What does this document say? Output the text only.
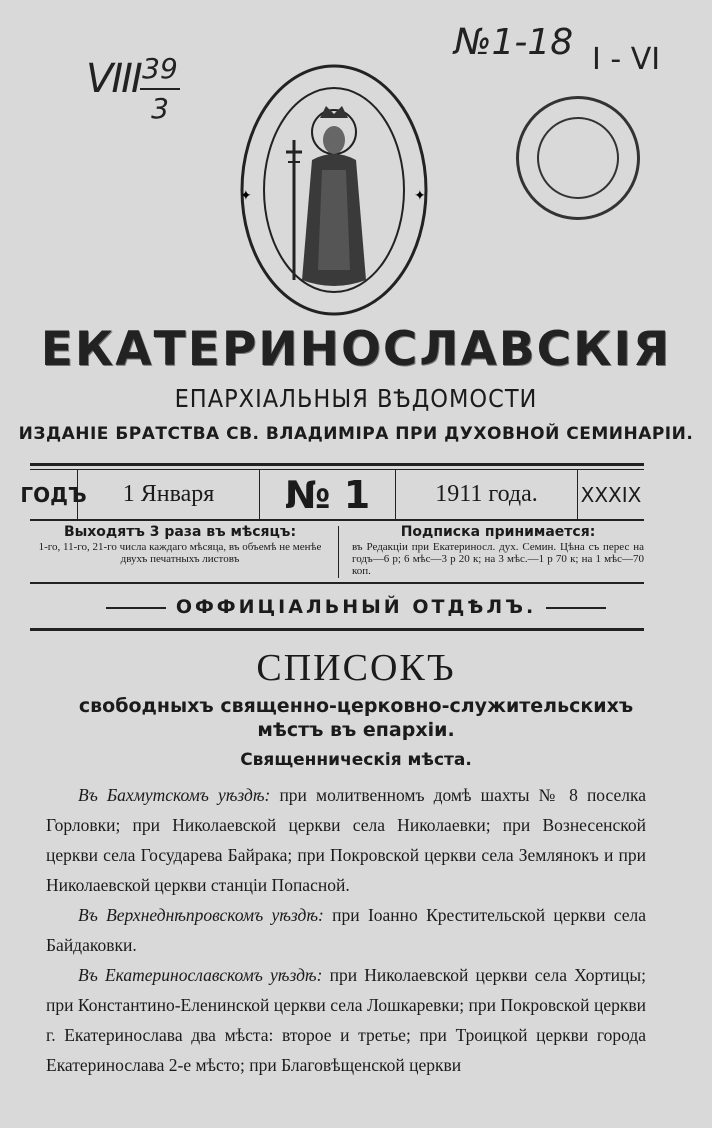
VIII 39
3
№1-18 I - VI
✦	✦
ЕКАТЕРИНОСЛАВСКІЯ
ЕПАРХІАЛЬНЫЯ ВѢДОМОСТИ
ИЗДАНІЕ БРАТСТВА СВ. ВЛАДИМІРА ПРИ ДУХОВНОЙ СЕМИНАРІИ.
ГОДЪ	1 Января	№ 1	1911 года.	XXXIX
Выходятъ 3 раза въ мѣсяцъ:
1-го, 11-го, 21-го числа каждаго мѣсяца, въ объемѣ не менѣе двухъ печатныхъ листовъ
Подписка принимается:
въ Редакціи при Екатериносл. дух. Семин. Цѣна съ перес на годъ—6 р; 6 мѣс—3 р 20 к; на 3 мѣс.—1 р 70 к; на 1 мѣс—70 коп.
ОФФИЦІАЛЬНЫЙ ОТДѢЛЪ.
СПИСОКЪ
свободныхъ священно-церковно-служительскихъ
мѣстъ въ епархіи.
Священническія мѣста.

Въ Бахмутскомъ уѣздѣ: при молитвенномъ домѣ шахты № 8 поселка Горловки; при Николаевской церкви села Николаевки; при Вознесенской церкви села Государева Байрака; при Покровской церкви села Землянокъ и при Николаевской церкви станціи Попасной.

Въ Верхнеднѣпровскомъ уѣздѣ: при Іоанно Крестительской церкви села Байдаковки.

Въ Екатеринославскомъ уѣздѣ: при Николаевской церкви села Хортицы; при Константино-Еленинской церкви села Лошкаревки; при Покровской церкви г. Екатеринослава два мѣста: второе и третье; при Троицкой церкви города Екатеринослава 2-е мѣсто; при Благовѣщенской церкви
